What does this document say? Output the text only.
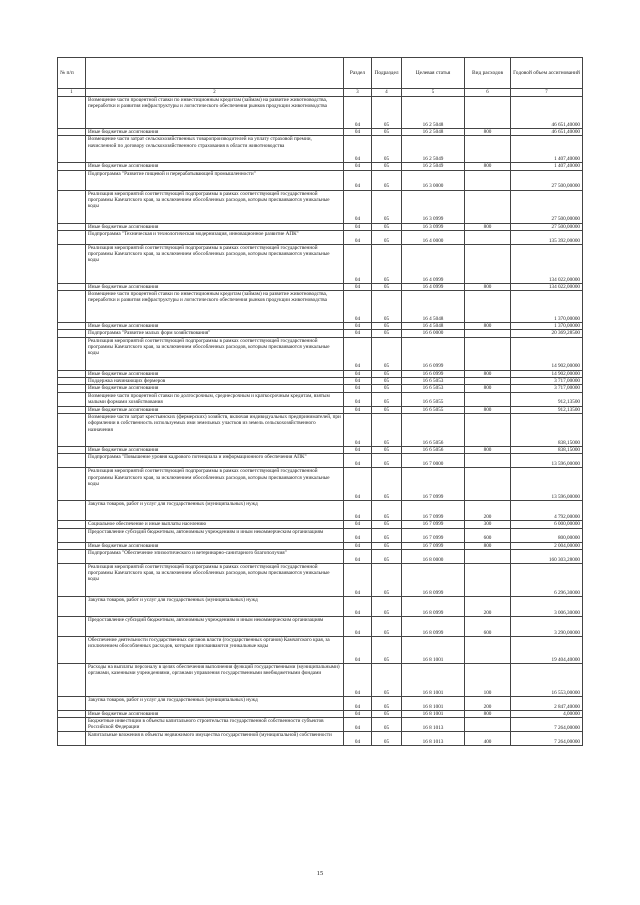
№ п/п		Раздел	Подраздел	Целевая статья	Вид расходов	Годовой объем ассигнований
1	2	3	4	5	6	7
	Возмещение части процентной ставки по инвестиционным кредитам (займам) на развитие животноводства, переработки и развития инфраструктуры и логистического обеспечения рынков продукции животноводства	04	05	16 2 5048		46 651,40000
	Иные бюджетные ассигнования	04	05	16 2 5048	800	46 651,40000
	Возмещение части затрат сельскохозяйственных товаропроизводителей на уплату страховой премии, начисленной по договору сельскохозяйственного страхования в области животноводства	04	05	16 2 5049		1 407,40000
	Иные бюджетные ассигнования	04	05	16 2 5049	800	1 407,40000
	Подпрограмма "Развитие пищевой и перерабатывающей промышленности"	04	05	16 3 0000		27 500,00000
	Реализация мероприятий соответствующей подпрограммы в рамках соответствующей государственной программы Камчатского края, за исключением обособленных расходов, которым присваиваются уникальные коды	04	05	16 3 0999		27 500,00000
	Иные бюджетные ассигнования	04	05	16 3 0999	800	27 500,00000
	Подпрограмма "Техническая и технологическая модернизация, инновационное развитие АПК"	04	05	16 4 0000		135 392,00000
	Реализация мероприятий соответствующей подпрограммы в рамках соответствующей государственной программы Камчатского края, за исключением обособленных расходов, которым присваиваются уникальные коды	04	05	16 4 0999		134 022,00000
	Иные бюджетные ассигнования	04	05	16 4 0999	800	134 022,00000
	Возмещение части процентной ставки по инвестиционным кредитам (займам) на развитие животноводства, переработки и развития инфраструктуры и логистического обеспечения рынков продукции животноводства	04	05	16 4 5048		1 370,00000
	Иные бюджетные ассигнования	04	05	16 4 5048	800	1 370,00000
	Подпрограмма "Развитие малых форм хозяйствования"	04	05	16 6 0000		20 369,28500
	Реализация мероприятий соответствующей подпрограммы в рамках соответствующей государственной программы Камчатского края, за исключением обособленных расходов, которым присваиваются уникальные коды	04	05	16 6 0999		14 902,00000
	Иные бюджетные ассигнования	04	05	16 6 0999	800	14 902,00000
	Поддержка начинающих фермеров	04	05	16 6 5053		3 717,00000
	Иные бюджетные ассигнования	04	05	16 6 5053	800	3 717,00000
	Возмещение части процентной ставки по долгосрочным, среднесрочным и краткосрочным кредитам, взятым малыми формами хозяйствования	04	05	16 6 5055		912,13500
	Иные бюджетные ассигнования	04	05	16 6 5055	800	912,13500
	Возмещение части затрат крестьянских (фермерских) хозяйств, включая индивидуальных предпринимателей, при оформлении в собственность используемых ими земельных участков из земель сельскохозяйственного назначения	04	05	16 6 5056		838,15000
	Иные бюджетные ассигнования	04	05	16 6 5056	800	838,15000
	Подпрограмма "Повышение уровня кадрового потенциала и информационного обеспечения АПК"	04	05	16 7 0000		13 596,00000
	Реализация мероприятий соответствующей подпрограммы в рамках соответствующей государственной программы Камчатского края, за исключением обособленных расходов, которым присваиваются уникальные коды	04	05	16 7 0999		13 596,00000
	Закупка товаров, работ и услуг для государственных (муниципальных) нужд	04	05	16 7 0999	200	4 792,00000
	Социальное обеспечение и иные выплаты населению	04	05	16 7 0999	300	6 000,00000
	Предоставление субсидий бюджетным, автономным учреждениям и иным некоммерческим организациям	04	05	16 7 0999	600	800,00000
	Иные бюджетные ассигнования	04	05	16 7 0999	800	2 004,00000
	Подпрограмма "Обеспечение эпизоотического и ветеринарно-санитарного благополучия"	04	05	16 8 0000		160 303,28000
	Реализация мероприятий соответствующей подпрограммы в рамках соответствующей государственной программы Камчатского края, за исключением обособленных расходов, которым присваиваются уникальные коды	04	05	16 8 0999		6 296,30000
	Закупка товаров, работ и услуг для государственных (муниципальных) нужд	04	05	16 8 0999	200	3 006,30000
	Предоставление субсидий бюджетным, автономным учреждениям и иным некоммерческим организациям	04	05	16 8 0999	600	3 290,00000
	Обеспечение деятельности государственных органов власти (государственных органов) Камчатского края, за исключением обособленных расходов, которым присваиваются уникальные коды	04	05	16 8 1001		19 404,40000
	Расходы на выплаты персоналу в целях обеспечения выполнения функций государственными (муниципальными) органами, казенными учреждениями, органами управления государственными внебюджетными фондами	04	05	16 8 1001	100	16 553,00000
	Закупка товаров, работ и услуг для государственных (муниципальных) нужд	04	05	16 8 1001	200	2 847,40000
	Иные бюджетные ассигнования	04	05	16 8 1001	800	4,00000
	Бюджетные инвестиции в объекты капитального строительства государственной собственности субъектов Российской Федерации	04	05	16 8 1013		7 264,00000
	Капитальные вложения в объекты недвижимого имущества государственной (муниципальной) собственности	04	05	16 8 1013	400	7 264,00000
15
